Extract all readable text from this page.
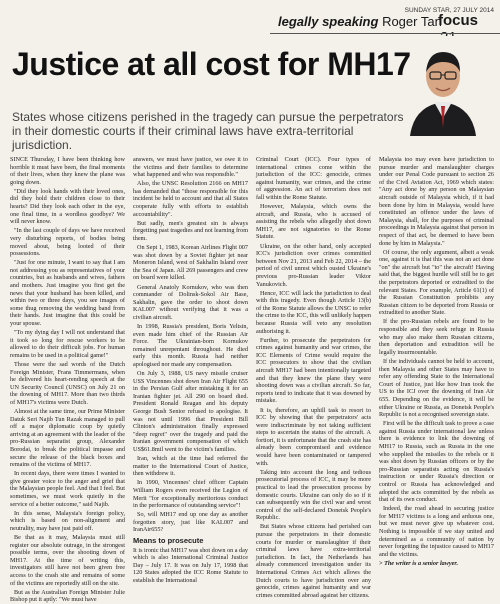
SUNDAY STAR, 27 JULY 2014
legally speaking Roger Tan
focus
Justice at all cost for MH17
States whose citizens perished in the tragedy can pursue the perpetrators in their domestic courts if their criminal laws have extra-territorial jurisdiction.

SINCE Thursday, I have been thinking how horrible it must have been, the final moments of their lives, when they knew the plane was going down.

"Did they look hands with their loved ones, did they hold their children close to their hearts? Did they look each other in the eye, one final time, in a wordless goodbye? We will never know.

"In the last couple of days we have received very disturbing reports, of bodies being moved about, being looted of their possessions.

"Just for one minute, I want to say that I am not addressing you as representatives of your countries, but as husbands and wives, fathers and mothers. Just imagine you first get the news that your husband has been killed, and within two or three days, you see images of some thug removing the wedding band from their hands. Just imagine that this could be your spouse.

"To my dying day I will not understand that it took so long for rescue workers to be allowed to do their difficult jobs. For human remains to be used in a political game!"

Those were the sad words of the Dutch Foreign Minister, Frans Timmermans, when he delivered his heart-rending speech at the UN Security Council (UNSC) on July 21 on the downing of MH17. More than two thirds of MH17's victims were Dutch.

Almost at the same time, our Prime Minister Datuk Seri Najib Tun Razak managed to pull off a major diplomatic coup by quietly arriving at an agreement with the leader of the pro-Russian separatist group, Alexander Borodai, to break the political impasse and secure the release of the black boxes and remains of the victims of MH17.

In recent days, there were times I wanted to give greater voice to the anger and grief that the Malaysian people feel. And that I feel. But sometimes, we must work quietly in the service of a better outcome," said Najib.

In this sense, Malaysia's foreign policy, which is based on non-alignment and neutrality, may have just paid off.

Be that as it may, Malaysia must still register our absolute outrage, in the strongest possible terms, over the shooting down of MH17. At the time of writing this, investigators still have not been given free access to the crash site and remains of some of the victims are reportedly still on the site.

But as the Australian Foreign Minister Julie Bishop put it aptly: "We must have

answers, we must have justice, we owe it to the victims and their families to determine what happened and who was responsible."

Also, the UNSC Resolution 2166 on MH17 has demanded that "those responsible for this incident be held to account and that all States cooperate fully with efforts to establish accountability".

But sadly, men's greatest sin is always forgetting past tragedies and not learning from them.

On Sept 1, 1983, Korean Airlines Flight 007 was shot down by a Soviet fighter jet near Moneron Island, west of Sakhalin Island over the Sea of Japan. All 269 passengers and crew on board were killed.

General Anatoly Kornukov, who was then commander of Dolinsk-Sokol Air Base, Sakhalin, gave the order to shoot down KAL007 without verifying that it was a civilian aircraft.

In 1998, Russia's president, Boris Yeltsin, even made him chief of the Russian Air Force. The Ukrainian-born Kornukov remained unrepentant throughout. He died early this month. Russia had neither apologised nor made any compensation.

On July 3, 1988, US navy missile cruiser USS Vincennes shot down Iran Air Flight 655 in the Persian Gulf after mistaking it for an Iranian fighter jet. All 290 on board died. President Ronald Reagan and his deputy George Bush Senior refused to apologise. It was not until 1996 that President Bill Clinton's administration finally expressed "deep regret" over the tragedy and paid the Iranian government compensation of which US$61.8mil went to the victim's families.

Iran, which at the time had referred the matter to the International Court of Justice, then withdrew it.

In 1990, Vincennes' chief officer Captain William Rogers even received the Legion of Merit "for exceptionally meritorious conduct in the performance of outstanding service"!

So, will MH17 end up one day as another forgotten story, just like KAL007 and IranAir655?

Means to prosecute

It is ironic that MH17 was shot down on a day which is also International Criminal Justice Day – July 17. It was on July 17, 1998 that 120 States adopted the ICC Rome Statute to establish the International

Criminal Court (ICC). Four types of international crimes come within the jurisdiction of the ICC: genocide, crimes against humanity, war crimes, and the crime of aggression. An act of terrorism does not fall within the Rome Statute.

However, Malaysia, which owns the aircraft, and Russia, who is accused of assisting the rebels who allegedly shot down MH17, are not signatories to the Rome Statute.

Ukraine, on the other hand, only accepted ICC's jurisdiction over crimes committed between Nov 21, 2013 and Feb 22, 2014 – the period of civil unrest which ousted Ukraine's previous pro-Russian leader Viktor Yanukovich.

Hence, ICC will lack the jurisdiction to deal with this tragedy. Even though Article 13(b) of the Rome Statute allows the UNSC to refer the crime to the ICC, this will unlikely happen because Russia will veto any resolution authorising it.

Further, to prosecute the perpetrators for crimes against humanity and war crimes, the ICC Elements of Crime would require the ICC prosecutors to show that the civilian aircraft MH17 had been intentionally targeted and that they knew the plane they were shooting down was a civilian aircraft. So far, reports tend to indicate that it was downed by mistake.

It is, therefore, an uphill task to resort to ICC by showing that the perpetrators' acts were indiscriminate by not taking sufficient steps to ascertain the status of the aircraft. A fortiori, it is unfortunate that the crash site has already been compromised and evidence would have been contaminated or tampered with.

Taking into account the long and tedious prosecutorial process of ICC, it may be more practical to lead the prosecution process by domestic courts. Ukraine can only do so if it can subsequently win the civil war and wrest control of the self-declared Donetsk People's Republic.

But States whose citizens had perished can pursue the perpetrators in their domestic courts for murder or manslaughter if their criminal laws have extra-territorial jurisdiction. In fact, the Netherlands has already commenced investigation under its International Crimes Act which allows the Dutch courts to have jurisdiction over any genocide, crimes against humanity and war crimes committed abroad against her citizens.

Malaysia too may even have jurisdiction to pursue murder and manslaughter charges under our Penal Code pursuant to section 26 of the Civil Aviation Act, 1969 which states: "Any act done by any person on Malaysian aircraft outside of Malaysia which, if it had been done by him in Malaysia, would have constituted an offence under the laws of Malaysia, shall, for the purposes of criminal proceedings in Malaysia against that person in respect of that act, be deemed to have been done by him in Malaysia."

Of course, the only argument, albeit a weak one, against it is that this was not an act done "on" the aircraft but "to" the aircraft! Having said that, the biggest hurdle will still be to get the perpetrators deported or extradited to the relevant States. For example, Article 61(1) of the Russian Constitution prohibits any Russian citizen to be deported from Russia or extradited to another State.

If the pro-Russian rebels are found to be responsible and they seek refuge in Russia who may also make them Russian citizens, then deportation and extradition will be legally insurmountable.

If the individuals cannot be held to account, then Malaysia and other States may have to refer any offending State to the International Court of Justice, just like how Iran took the US to the ICJ over the downing of Iran Air 655. Depending on the evidence, it will be either Ukraine or Russia, as Donetsk People's Republic is not a recognised sovereign state.

First will be the difficult task to prove a case against Russia under international law unless there is evidence to link the downing of MH17 to Russia, such as Russia in the one who supplied the missiles to the rebels or it was shot down by Russian officers or by the pro-Russian separatists acting on Russia's instruction or under Russia's direction or control or Russia has acknowledged and adopted the acts committed by the rebels as that of its own conduct.

Indeed, the road ahead in securing justice for MH17 victims is a long and arduous one, but we must never give up whatever cost. Nothing is impossible if we stay united and determined as a community of nation by never forgetting the injustice caused to MH17 and the victims.

> The writer is a senior lawyer.
